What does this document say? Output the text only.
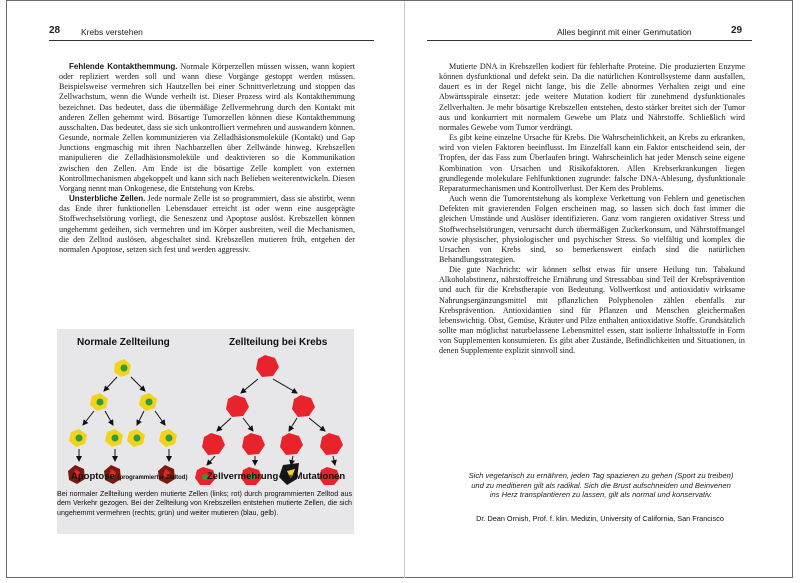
28 Krebs verstehen

Fehlende Kontakthemmung. Normale Körperzellen müssen wissen, wann kopiert oder repliziert werden soll und wann diese Vorgänge gestoppt werden müssen. Beispielsweise vermehren sich Hautzellen bei einer Schnittverletzung und stoppen das Zellwachstum, wenn die Wunde verheilt ist. Dieser Prozess wird als Kontakthemmung bezeichnet. Das bedeutet, dass die übermäßige Zellvermehrung durch den Kontakt mit anderen Zellen gehemmt wird. Bösartige Tumorzellen können diese Kontakthemmung ausschalten. Das bedeutet, dass sie sich unkontrolliert vermehren und auswandern können. Gesunde, normale Zellen kommunizieren via Zelladhäsionsmoleküle (Kontakt) und Gap Junctions engmaschig mit ihren Nachbarzellen über Zellwände hinweg. Krebszellen manipulieren die Zelladhäsionsmoleküle und deaktivieren so die Kommunikation zwischen den Zellen. Am Ende ist die bösartige Zelle komplett von externen Kontrollmechanismen abgekoppelt und kann sich nach Belieben weiterentwickeln. Diesen Vorgang nennt man Onkogenese, die Entstehung von Krebs.

Unsterbliche Zellen. Jede normale Zelle ist so programmiert, dass sie abstirbt, wenn das Ende ihrer funktionellen Lebensdauer erreicht ist oder wenn eine ausgeprägte Stoffwechselstörung vorliegt, die Seneszenz und Apoptose auslöst. Krebszellen können ungehemmt gedeihen, sich vermehren und im Körper ausbreiten, weil die Mechanismen, die den Zelltod auslösen, abgeschaltet sind. Krebszellen mutieren früh, entgehen der normalen Apoptose, setzen sich fest und werden aggressiv.

Normale Zellteilung	Zellteilung bei Krebs
Apoptose (programmierter Zelltod) Zellvermehrung und Mutationen
Bei normaler Zellteilung werden mutierte Zellen (links; rot) durch programmierten Zelltod aus dem Verkehr gezogen. Bei der Zellteilung von Krebszellen entstehen mutierte Zellen, die sich ungehemmt vermehren (rechts; grün) und weiter mutieren (blau, gelb).
Alles beginnt mit einer Genmutation	29

Mutierte DNA in Krebszellen kodiert für fehlerhafte Proteine. Die produzierten Enzyme können dysfunktional und defekt sein. Da die natürlichen Kontrollsysteme dann ausfallen, dauert es in der Regel nicht lange, bis die Zelle abnormes Verhalten zeigt und eine Abwärtsspirale einsetzt: jede weitere Mutation kodiert für zunehmend dysfunktionales Zellverhalten. Je mehr bösartige Krebszellen entstehen, desto stärker breitet sich der Tumor aus und konkurriert mit normalem Gewebe um Platz und Nährstoffe. Schließlich wird normales Gewebe vom Tumor verdrängt.

Es gibt keine einzelne Ursache für Krebs. Die Wahrscheinlichkeit, an Krebs zu erkranken, wird von vielen Faktoren beeinflusst. Im Einzelfall kann ein Faktor entscheidend sein, der Tropfen, der das Fass zum Überlaufen bringt. Wahrscheinlich hat jeder Mensch seine eigene Kombination von Ursachen und Risikofaktoren. Allen Krebserkrankungen liegen grundlegende molekulare Fehlfunktionen zugrunde: falsche DNA-Ablesung, dysfunktionale Reparaturmechanismen und Kontrollverlust. Der Kern des Problems.

Auch wenn die Tumorentstehung als komplexe Verkettung von Fehlern und genetischen Defekten mit gravierenden Folgen erscheinen mag, so lassen sich doch fast immer die gleichen Umstände und Auslöser identifizieren. Ganz vorn rangieren oxidativer Stress und Stoffwechselstörungen, verursacht durch übermäßigen Zuckerkonsum, und Nährstoffmangel sowie physischer, physiologischer und psychischer Stress. So vielfältig und komplex die Ursachen von Krebs sind, so bemerkenswert einfach sind die natürlichen Behandlungsstrategien.

Die gute Nachricht: wir können selbst etwas für unsere Heilung tun. Tabakund Alkoholabstinenz, nährstoffreiche Ernährung und Stressabbau sind Teil der Krebsprävention und auch für die Krebstherapie von Bedeutung. Vollwertkost und antioxidativ wirksame Nahrungsergänzungsmittel mit pflanzlichen Polyphenolen zählen ebenfalls zur Krebsprävention. Antioxidantien sind für Pflanzen und Menschen gleichermaßen lebenswichtig. Obst, Gemüse, Kräuter und Pilze enthalten antioxidative Stoffe. Grundsätzlich sollte man möglichst naturbelassene Lebensmittel essen, statt isolierte Inhaltsstoffe in Form von Supplementen konsumieren. Es gibt aber Zustände, Befindlichkeiten und Situationen, in denen Supplemente explizit sinnvoll sind.

Sich vegetarisch zu ernähren, jeden Tag spazieren zu gehen (Sport zu treiben) und zu meditieren gilt als radikal. Sich die Brust aufschneiden und Beinvenen ins Herz transplantieren zu lassen, gilt als normal und konservativ.
Dr. Dean Ornish, Prof. f. klin. Medizin, University of California, San Francisco
